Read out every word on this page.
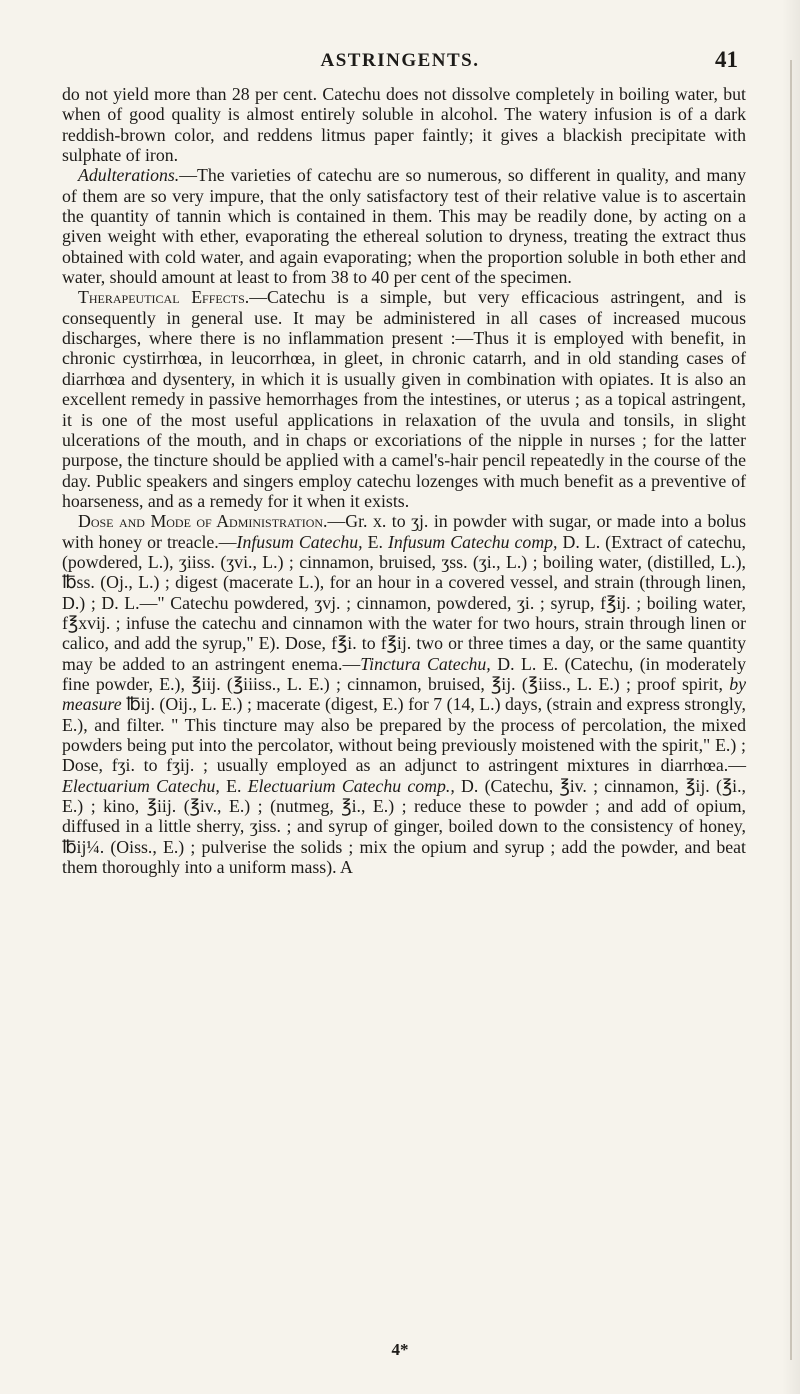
ASTRINGENTS.	41

do not yield more than 28 per cent. Catechu does not dissolve completely in boiling water, but when of good quality is almost entirely soluble in alcohol. The watery infusion is of a dark reddish-brown color, and reddens litmus paper faintly; it gives a blackish precipitate with sulphate of iron.

Adulterations.—The varieties of catechu are so numerous, so different in quality, and many of them are so very impure, that the only satisfactory test of their relative value is to ascertain the quantity of tannin which is contained in them. This may be readily done, by acting on a given weight with ether, evaporating the ethereal solution to dryness, treating the extract thus obtained with cold water, and again evaporating; when the proportion soluble in both ether and water, should amount at least to from 38 to 40 per cent of the specimen.

Therapeutical Effects.—Catechu is a simple, but very efficacious astringent, and is consequently in general use. It may be administered in all cases of increased mucous discharges, where there is no inflammation present :—Thus it is employed with benefit, in chronic cystirrhœa, in leucorrhœa, in gleet, in chronic catarrh, and in old standing cases of diarrhœa and dysentery, in which it is usually given in combination with opiates. It is also an excellent remedy in passive hemorrhages from the intestines, or uterus ; as a topical astringent, it is one of the most useful applications in relaxation of the uvula and tonsils, in slight ulcerations of the mouth, and in chaps or excoriations of the nipple in nurses ; for the latter purpose, the tincture should be applied with a camel's-hair pencil repeatedly in the course of the day. Public speakers and singers employ catechu lozenges with much benefit as a preventive of hoarseness, and as a remedy for it when it exists.

Dose and Mode of Administration.—Gr. x. to ʒj. in powder with sugar, or made into a bolus with honey or treacle.—Infusum Catechu, E. Infusum Catechu comp, D. L. (Extract of catechu, (powdered, L.), ʒiiss. (ʒvi., L.) ; cinnamon, bruised, ʒss. (ʒi., L.) ; boiling water, (distilled, L.), ℔ss. (Oj., L.) ; digest (macerate L.), for an hour in a covered vessel, and strain (through linen, D.) ; D. L.—" Catechu powdered, ʒvj. ; cinnamon, powdered, ʒi. ; syrup, f℥ij. ; boiling water, f℥xvij. ; infuse the catechu and cinnamon with the water for two hours, strain through linen or calico, and add the syrup," E). Dose, f℥i. to f℥ij. two or three times a day, or the same quantity may be added to an astringent enema.—Tinctura Catechu, D. L. E. (Catechu, (in moderately fine powder, E.), ℥iij. (℥iiiss., L. E.) ; cinnamon, bruised, ℥ij. (℥iiss., L. E.) ; proof spirit, by measure ℔ij. (Oij., L. E.) ; macerate (digest, E.) for 7 (14, L.) days, (strain and express strongly, E.), and filter. " This tincture may also be prepared by the process of percolation, the mixed powders being put into the percolator, without being previously moistened with the spirit," E.) ; Dose, fʒi. to fʒij. ; usually employed as an adjunct to astringent mixtures in diarrhœa.—Electuarium Catechu, E. Electuarium Catechu comp., D. (Catechu, ℥iv. ; cinnamon, ℥ij. (℥i., E.) ; kino, ℥iij. (℥iv., E.) ; (nutmeg, ℥i., E.) ; reduce these to powder ; and add of opium, diffused in a little sherry, ʒiss. ; and syrup of ginger, boiled down to the consistency of honey, ℔ij¼. (Oiss., E.) ; pulverise the solids ; mix the opium and syrup ; add the powder, and beat them thoroughly into a uniform mass). A

4*
